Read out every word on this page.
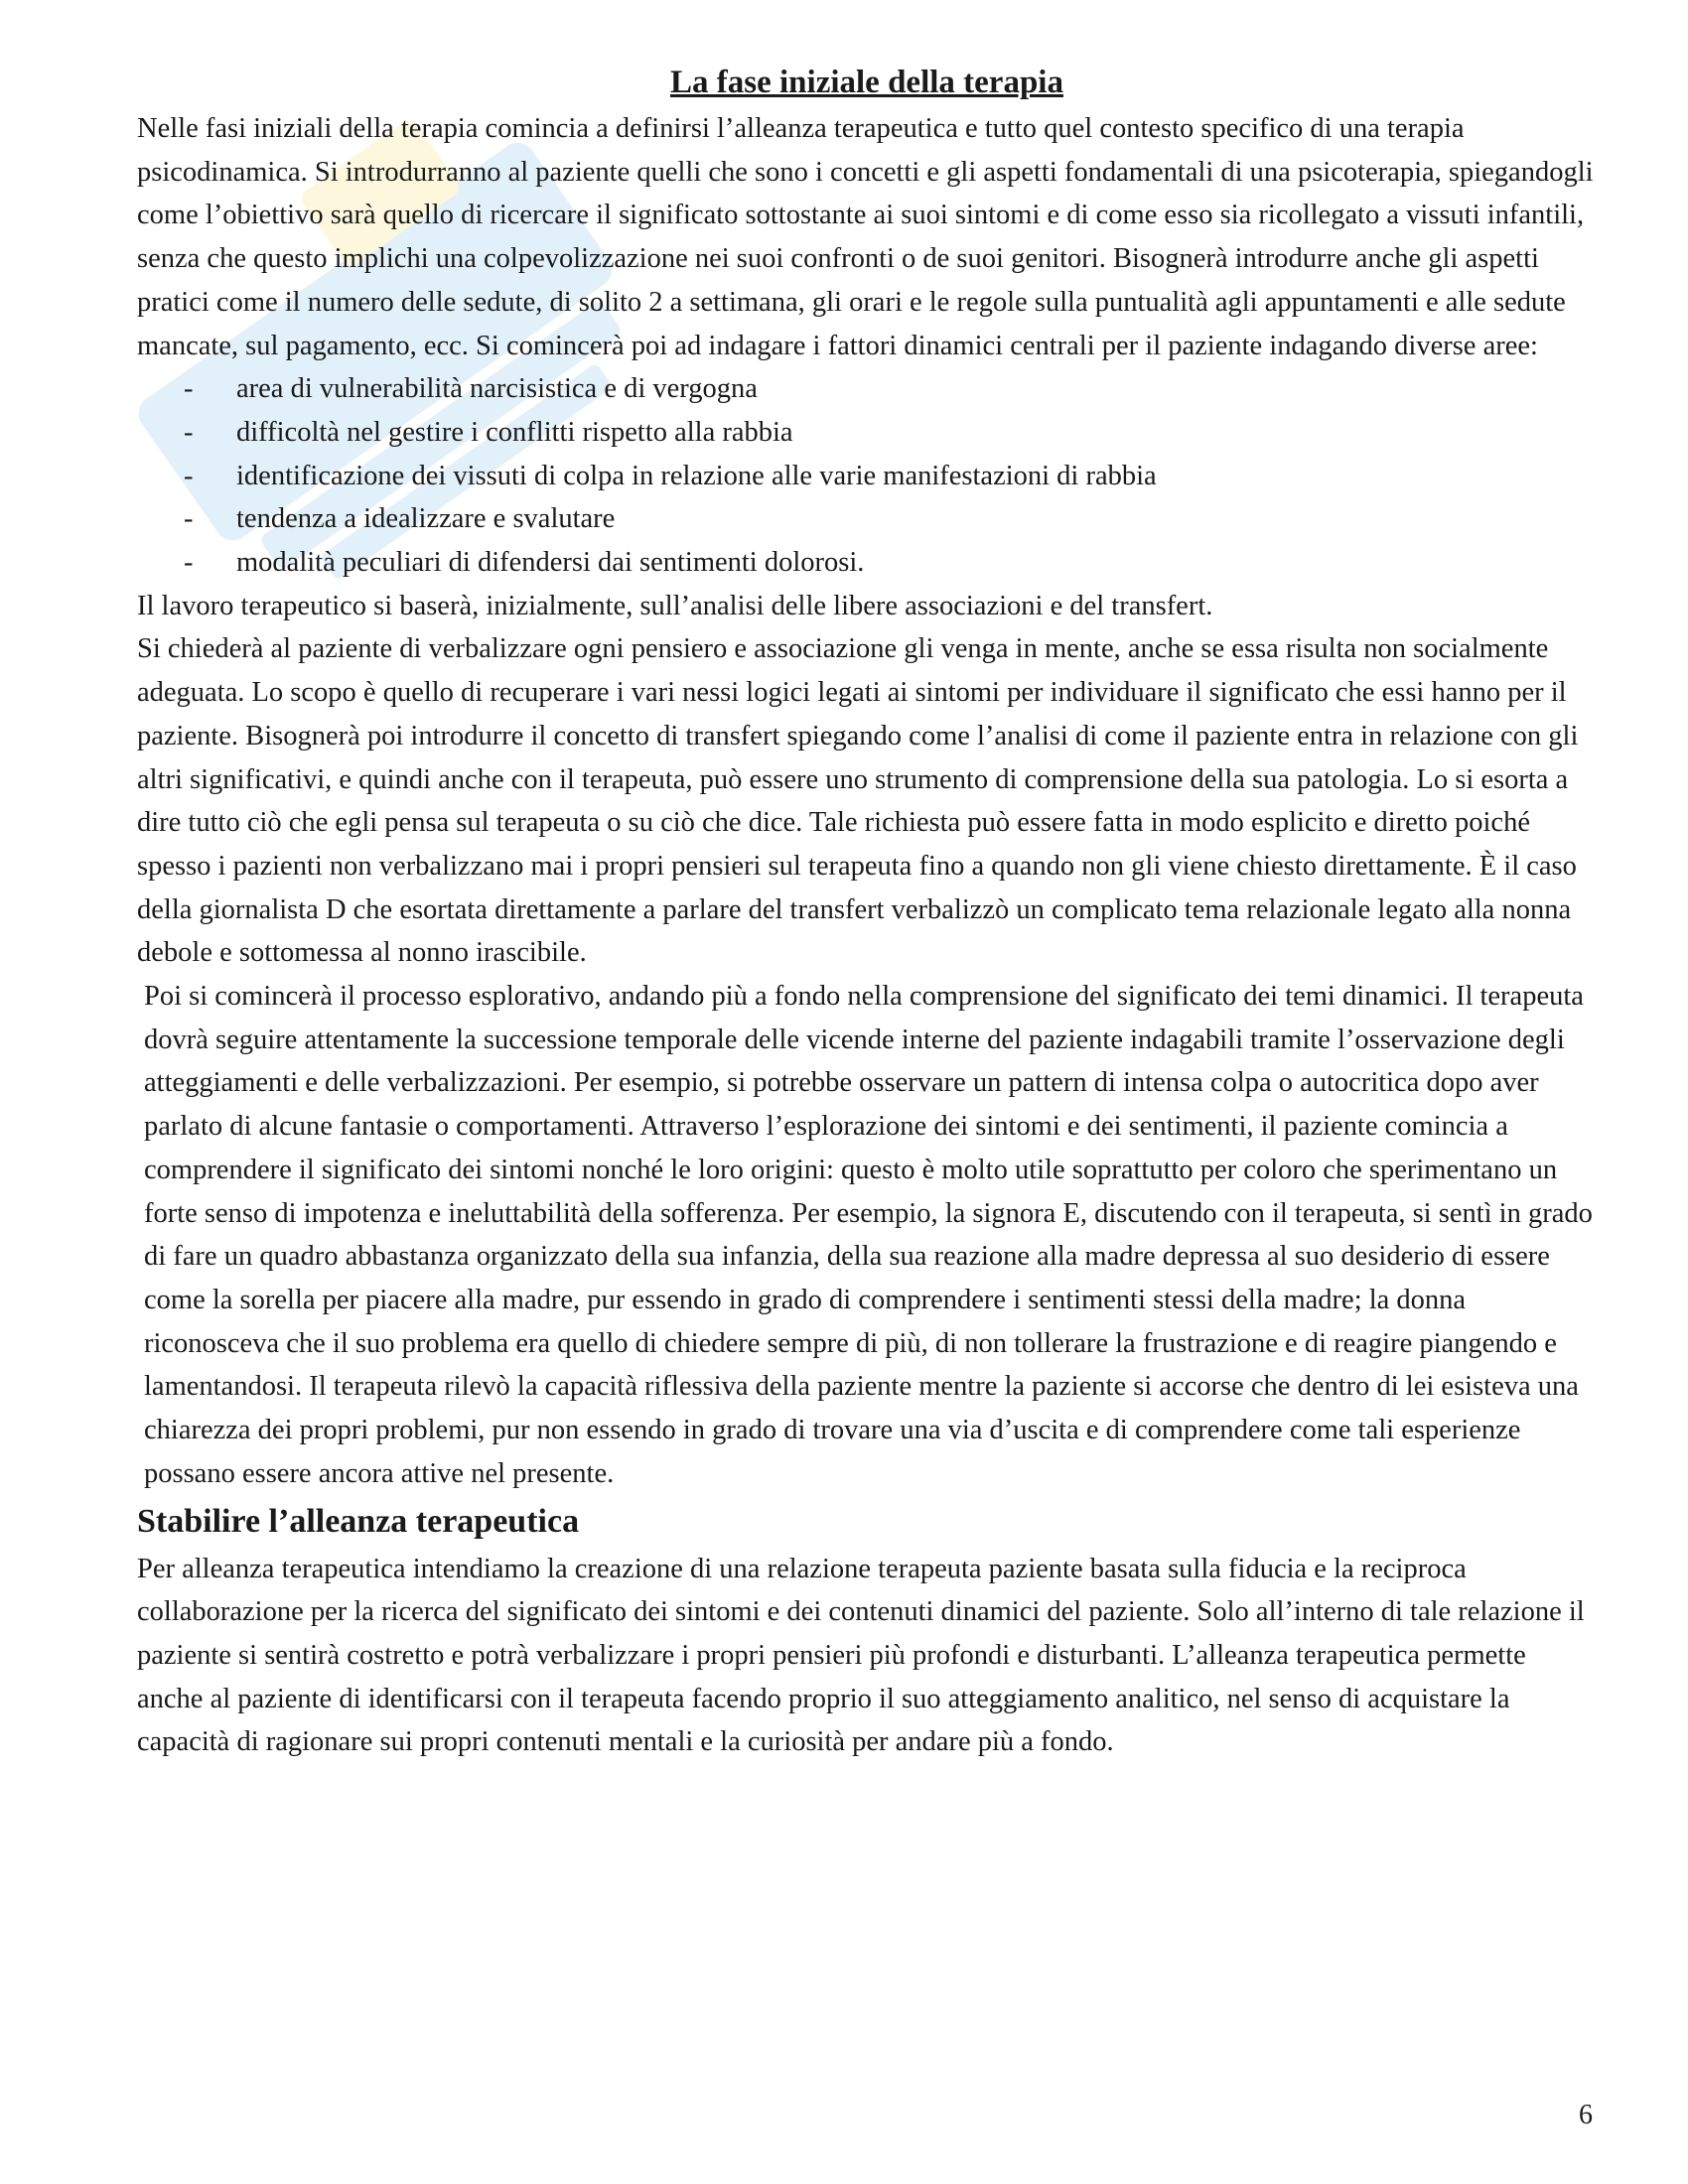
La fase iniziale della terapia

Nelle fasi iniziali della terapia comincia a definirsi l’alleanza terapeutica e tutto quel contesto specifico di una terapia psicodinamica. Si introdurranno al paziente quelli che sono i concetti e gli aspetti fondamentali di una psicoterapia, spiegandogli come l’obiettivo sarà quello di ricercare il significato sottostante ai suoi sintomi e di come esso sia ricollegato a vissuti infantili, senza che questo implichi una colpevolizzazione nei suoi confronti o de suoi genitori. Bisognerà introdurre anche gli aspetti pratici come il numero delle sedute, di solito 2 a settimana, gli orari e le regole sulla puntualità agli appuntamenti e alle sedute mancate, sul pagamento, ecc. Si comincerà poi ad indagare i fattori dinamici centrali per il paziente indagando diverse aree:

- area di vulnerabilità narcisistica e di vergogna
- difficoltà nel gestire i conflitti rispetto alla rabbia
- identificazione dei vissuti di colpa in relazione alle varie manifestazioni di rabbia
- tendenza a idealizzare e svalutare
- modalità peculiari di difendersi dai sentimenti dolorosi.

Il lavoro terapeutico si baserà, inizialmente, sull’analisi delle libere associazioni e del transfert.

Si chiederà al paziente di verbalizzare ogni pensiero e associazione gli venga in mente, anche se essa risulta non socialmente adeguata. Lo scopo è quello di recuperare i vari nessi logici legati ai sintomi per individuare il significato che essi hanno per il paziente. Bisognerà poi introdurre il concetto di transfert spiegando come l’analisi di come il paziente entra in relazione con gli altri significativi, e quindi anche con il terapeuta, può essere uno strumento di comprensione della sua patologia. Lo si esorta a dire tutto ciò che egli pensa sul terapeuta o su ciò che dice. Tale richiesta può essere fatta in modo esplicito e diretto poiché spesso i pazienti non verbalizzano mai i propri pensieri sul terapeuta fino a quando non gli viene chiesto direttamente. È il caso della giornalista D che esortata direttamente a parlare del transfert verbalizzò un complicato tema relazionale legato alla nonna debole e sottomessa al nonno irascibile.

Poi si comincerà il processo esplorativo, andando più a fondo nella comprensione del significato dei temi dinamici. Il terapeuta dovrà seguire attentamente la successione temporale delle vicende interne del paziente indagabili tramite l’osservazione degli atteggiamenti e delle verbalizzazioni. Per esempio, si potrebbe osservare un pattern di intensa colpa o autocritica dopo aver parlato di alcune fantasie o comportamenti. Attraverso l’esplorazione dei sintomi e dei sentimenti, il paziente comincia a comprendere il significato dei sintomi nonché le loro origini: questo è molto utile soprattutto per coloro che sperimentano un forte senso di impotenza e ineluttabilità della sofferenza. Per esempio, la signora E, discutendo con il terapeuta, si sentì in grado di fare un quadro abbastanza organizzato della sua infanzia, della sua reazione alla madre depressa al suo desiderio di essere come la sorella per piacere alla madre, pur essendo in grado di comprendere i sentimenti stessi della madre; la donna riconosceva che il suo problema era quello di chiedere sempre di più, di non tollerare la frustrazione e di reagire piangendo e lamentandosi. Il terapeuta rilevò la capacità riflessiva della paziente mentre la paziente si accorse che dentro di lei esisteva una chiarezza dei propri problemi, pur non essendo in grado di trovare una via d’uscita e di comprendere come tali esperienze possano essere ancora attive nel presente.

Stabilire l’alleanza terapeutica

Per alleanza terapeutica intendiamo la creazione di una relazione terapeuta paziente basata sulla fiducia e la reciproca collaborazione per la ricerca del significato dei sintomi e dei contenuti dinamici del paziente. Solo all’interno di tale relazione il paziente si sentirà costretto e potrà verbalizzare i propri pensieri più profondi e disturbanti. L’alleanza terapeutica permette anche al paziente di identificarsi con il terapeuta facendo proprio il suo atteggiamento analitico, nel senso di acquistare la capacità di ragionare sui propri contenuti mentali e la curiosità per andare più a fondo.

6
